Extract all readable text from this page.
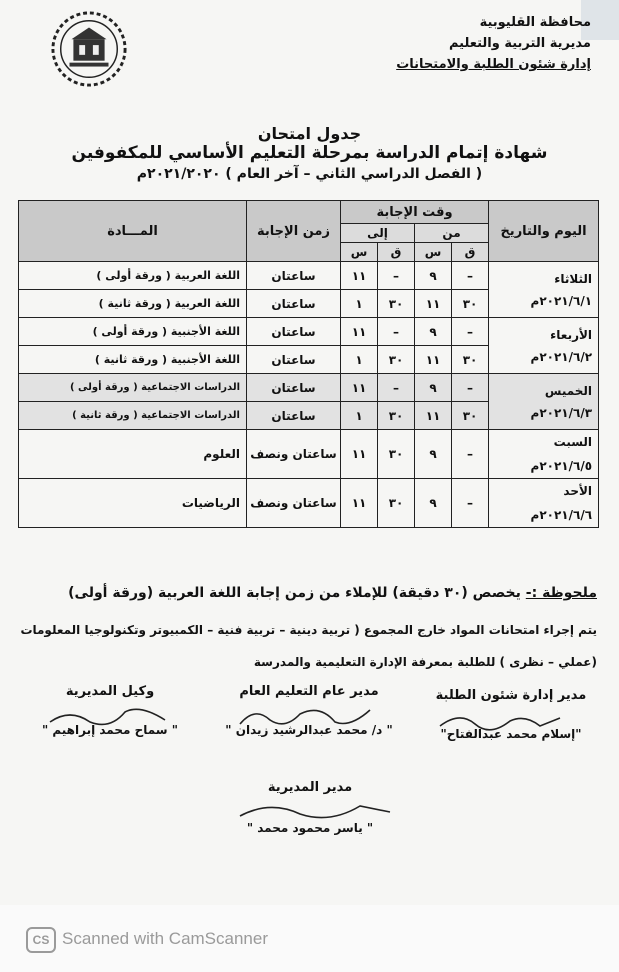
محافظة القليوبية
مديرية التربية والتعليم
إدارة شئون الطلبة والامتحانات
جدول امتحان
شهادة إتمام الدراسة بمرحلة التعليم الأساسي للمكفوفين
( الفصل الدراسي الثاني – آخر العام ) ٢٠٢١/٢٠٢٠م
اليوم والتاريخ	وقت الإجابة				زمن الإجابة	المـــادة
	من		إلى			
	ق	س	ق	س		

الثلاثاء
٢٠٢١/٦/١م	–	٩	–	١١	ساعتان	اللغة العربية ( ورقة أولى )
	٣٠	١١	٣٠	١	ساعتان	اللغة العربية ( ورقة ثانية )

الأربعاء
٢٠٢١/٦/٢م	–	٩	–	١١	ساعتان	اللغة الأجنبية ( ورقة أولى )
	٣٠	١١	٣٠	١	ساعتان	اللغة الأجنبية ( ورقة ثانية )

الخميس
٢٠٢١/٦/٣م	–	٩	–	١١	ساعتان	الدراسات الاجتماعية ( ورقة أولى )
	٣٠	١١	٣٠	١	ساعتان	الدراسات الاجتماعية ( ورقة ثانية )

السبت
٢٠٢١/٦/٥م	–	٩	٣٠	١١	ساعتان ونصف	العلوم

الأحد
٢٠٢١/٦/٦م	–	٩	٣٠	١١	ساعتان ونصف	الرياضيات
ملحوظة :- يخصص (٣٠ دقيقة) للإملاء من زمن إجابة اللغة العربية (ورقة أولى)
يتم إجراء امتحانات المواد خارج المجموع ( تربية دينية – تربية فنية – الكمبيوتر وتكنولوجيا المعلومات
(عملي – نظرى ) للطلبة بمعرفة الإدارة التعليمية والمدرسة
مدير إدارة شئون الطلبة
"إسلام محمد عبدالفتاح"
مدير عام التعليم العام
" د/ محمد عبدالرشيد زيدان "
وكيل المديرية
" سماح محمد إبراهيم "
مدير المديرية
" ياسر محمود محمد "
CS Scanned with CamScanner
